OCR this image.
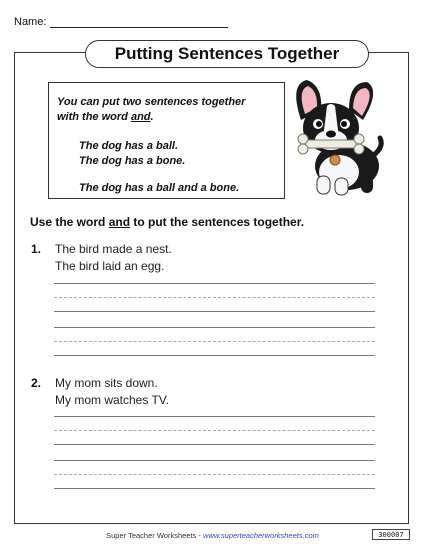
Name:
Putting Sentences Together
You can put two sentences together
with the word and.
The dog has a ball.
The dog has a bone.
The dog has a ball and a bone.
Use the word and to put the sentences together.
1. The bird made a nest.
The bird laid an egg.
2. My mom sits down.
My mom watches TV.
Super Teacher Worksheets - www.superteacherworksheets.com	300007
